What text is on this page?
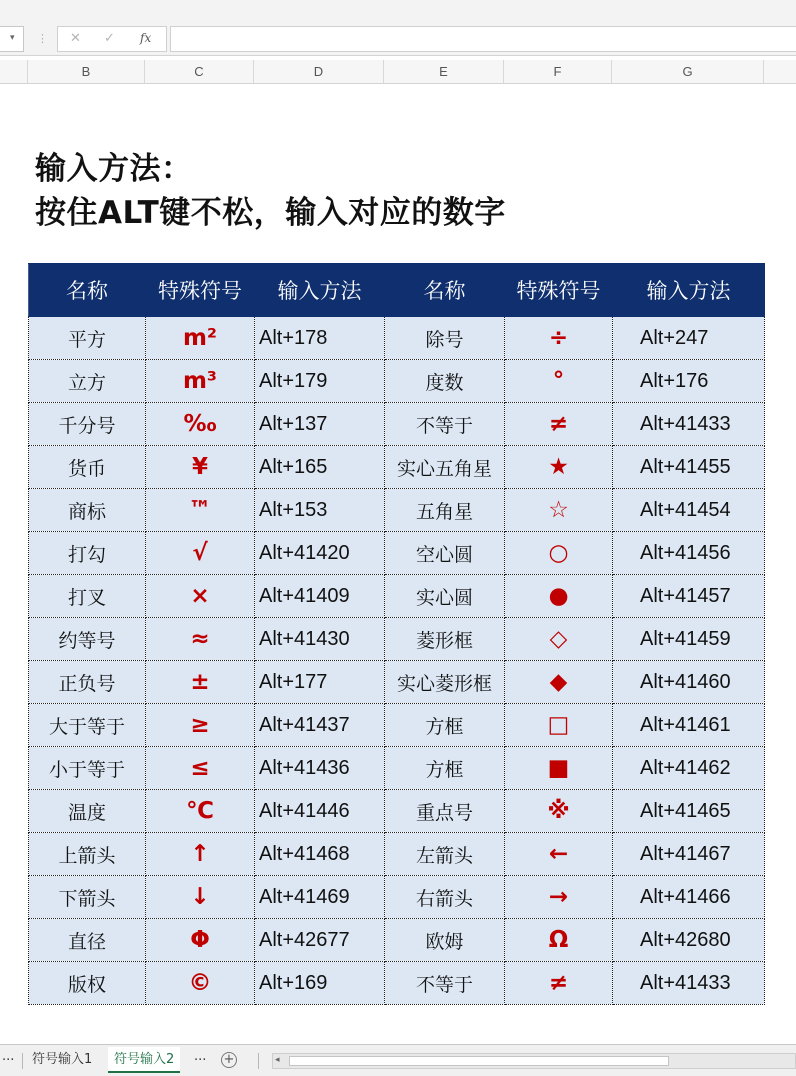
▾ ⋮ ✕ ✓ fx
B	C	D	E	F	G
输入方法：
按住ALT键不松，输入对应的数字
名称	特殊符号	输入方法	名称	特殊符号	输入方法
平方	m²	Alt+178	除号	÷	Alt+247
立方	m³	Alt+179	度数	°	Alt+176
千分号	‰	Alt+137	不等于	≠	Alt+41433
货币	¥	Alt+165	实心五角星	★	Alt+41455
商标	™	Alt+153	五角星	☆	Alt+41454
打勾	√	Alt+41420	空心圆	○	Alt+41456
打叉	×	Alt+41409	实心圆	●	Alt+41457
约等号	≈	Alt+41430	菱形框	◇	Alt+41459
正负号	±	Alt+177	实心菱形框	◆	Alt+41460
大于等于	≥	Alt+41437	方框	□	Alt+41461
小于等于	≤	Alt+41436	方框	■	Alt+41462
温度	℃	Alt+41446	重点号	※	Alt+41465
上箭头	↑	Alt+41468	左箭头	←	Alt+41467
下箭头	↓	Alt+41469	右箭头	→	Alt+41466
直径	Φ	Alt+42677	欧姆	Ω	Alt+42680
版权	©	Alt+169	不等于	≠	Alt+41433
...	符号输入1	符号输入2	... +	◂
